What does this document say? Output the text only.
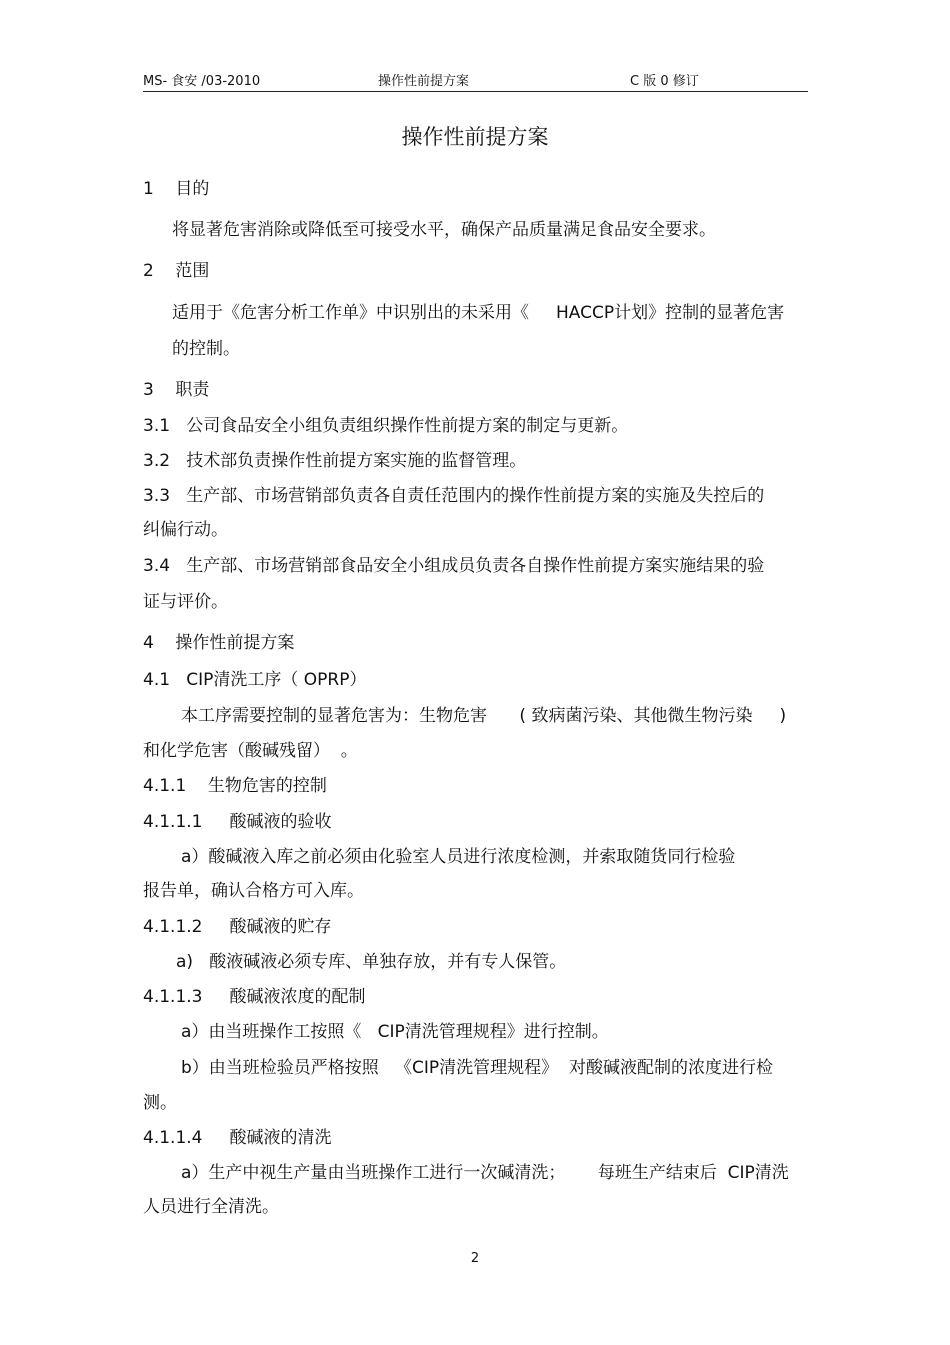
MS- 食安 /03-2010	操作性前提方案	C 版 0 修订
操作性前提方案
1    目的
将显著危害消除或降低至可接受水平，确保产品质量满足食品安全要求。
2    范围
适用于《危害分析工作单》中识别出的未采用《     HACCP计划》控制的显著危害
的控制。
3    职责
3.1   公司食品安全小组负责组织操作性前提方案的制定与更新。
3.2   技术部负责操作性前提方案实施的监督管理。
3.3   生产部、市场营销部负责各自责任范围内的操作性前提方案的实施及失控后的
纠偏行动。
3.4   生产部、市场营销部食品安全小组成员负责各自操作性前提方案实施结果的验
证与评价。
4    操作性前提方案
4.1   CIP清洗工序（ OPRP）
本工序需要控制的显著危害为：生物危害      ( 致病菌污染、其他微生物污染     )
和化学危害（酸碱残留）  。
4.1.1    生物危害的控制
4.1.1.1     酸碱液的验收
a）酸碱液入库之前必须由化验室人员进行浓度检测，并索取随货同行检验
报告单，确认合格方可入库。
4.1.1.2     酸碱液的贮存
a)   酸液碱液必须专库、单独存放，并有专人保管。
4.1.1.3     酸碱液浓度的配制
a）由当班操作工按照《   CIP清洗管理规程》进行控制。
b）由当班检验员严格按照   《CIP清洗管理规程》  对酸碱液配制的浓度进行检
测。
4.1.1.4     酸碱液的清洗
a）生产中视生产量由当班操作工进行一次碱清洗；      每班生产结束后  CIP清洗
人员进行全清洗。
2
